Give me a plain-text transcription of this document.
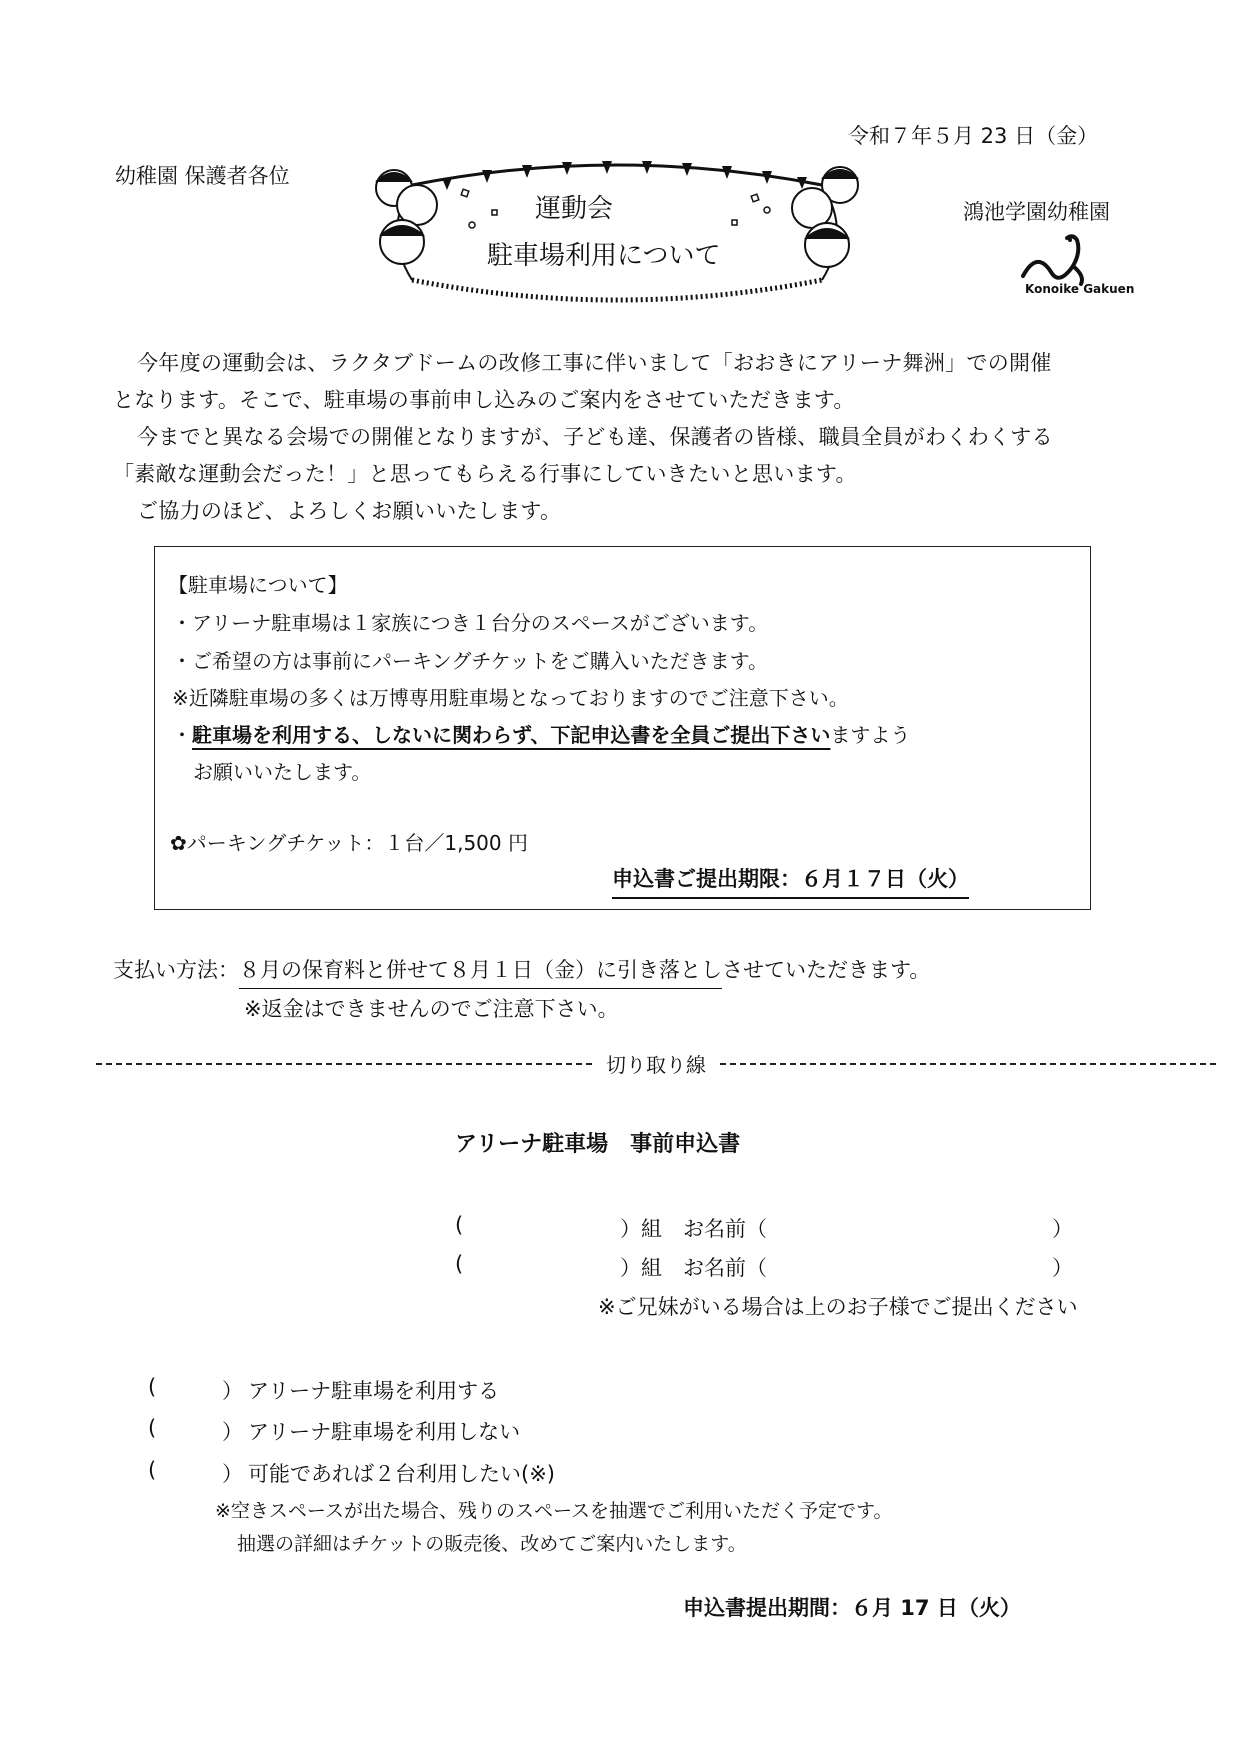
令和７年５月 23 日（金）
幼稚園 保護者各位
運動会
駐車場利用について
鴻池学園幼稚園
Konoike Gakuen
今年度の運動会は、ラクタブドームの改修工事に伴いまして「おおきにアリーナ舞洲」での開催
となります。そこで、駐車場の事前申し込みのご案内をさせていただきます。
今までと異なる会場での開催となりますが、子ども達、保護者の皆様、職員全員がわくわくする
「素敵な運動会だった！」と思ってもらえる行事にしていきたいと思います。
ご協力のほど、よろしくお願いいたします。
【駐車場について】
・アリーナ駐車場は１家族につき１台分のスペースがございます。
・ご希望の方は事前にパーキングチケットをご購入いただきます。
※近隣駐車場の多くは万博専用駐車場となっておりますのでご注意下さい。
・駐車場を利用する、しないに関わらず、下記申込書を全員ご提出下さいますよう
お願いいたします。
✿パーキングチケット：１台／1,500 円
申込書ご提出期限：６月１７日（火）
支払い方法：８月の保育料と併せて８月１日（金）に引き落としさせていただきます。
※返金はできませんのでご注意下さい。
切り取り線
アリーナ駐車場　事前申込書
(	）組　お名前（	）
(	）組　お名前（	）
※ご兄妹がいる場合は上のお子様でご提出ください
(	） アリーナ駐車場を利用する
(	） アリーナ駐車場を利用しない
(	） 可能であれば２台利用したい(※)
※空きスペースが出た場合、残りのスペースを抽選でご利用いただく予定です。
抽選の詳細はチケットの販売後、改めてご案内いたします。
申込書提出期間：６月 17 日（火）
